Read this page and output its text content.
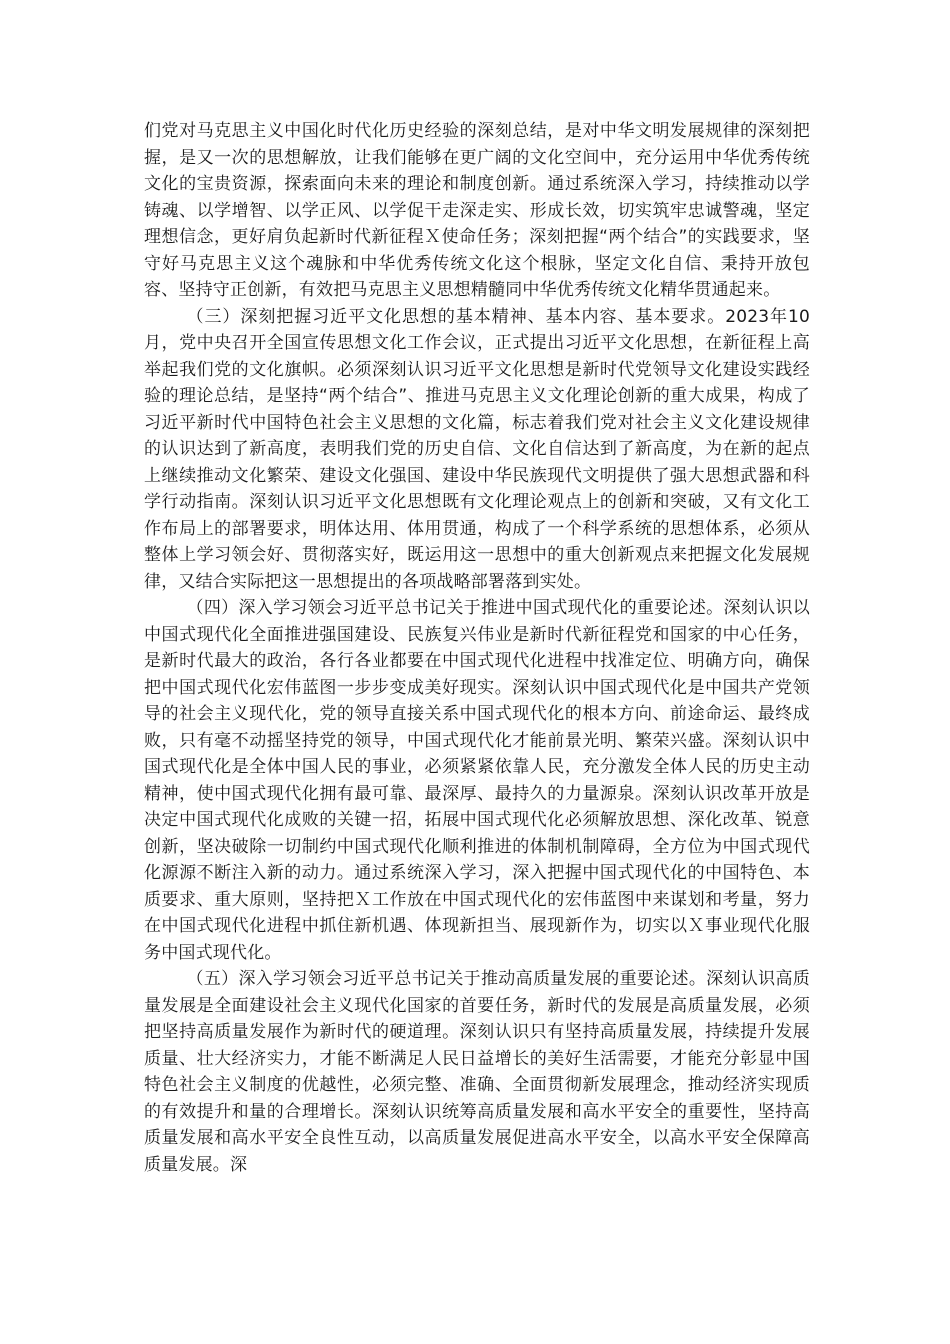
们党对马克思主义中国化时代化历史经验的深刻总结，是对中华文明发展规律的深刻把握，是又一次的思想解放，让我们能够在更广阔的文化空间中，充分运用中华优秀传统文化的宝贵资源，探索面向未来的理论和制度创新。通过系统深入学习，持续推动以学铸魂、以学增智、以学正风、以学促干走深走实、形成长效，切实筑牢忠诚警魂，坚定理想信念，更好肩负起新时代新征程Ｘ使命任务；深刻把握“两个结合”的实践要求，坚守好马克思主义这个魂脉和中华优秀传统文化这个根脉，坚定文化自信、秉持开放包容、坚持守正创新，有效把马克思主义思想精髓同中华优秀传统文化精华贯通起来。

（三）深刻把握习近平文化思想的基本精神、基本内容、基本要求。2023年10月，党中央召开全国宣传思想文化工作会议，正式提出习近平文化思想，在新征程上高举起我们党的文化旗帜。必须深刻认识习近平文化思想是新时代党领导文化建设实践经验的理论总结，是坚持“两个结合”、推进马克思主义文化理论创新的重大成果，构成了习近平新时代中国特色社会主义思想的文化篇，标志着我们党对社会主义文化建设规律的认识达到了新高度，表明我们党的历史自信、文化自信达到了新高度，为在新的起点上继续推动文化繁荣、建设文化强国、建设中华民族现代文明提供了强大思想武器和科学行动指南。深刻认识习近平文化思想既有文化理论观点上的创新和突破，又有文化工作布局上的部署要求，明体达用、体用贯通，构成了一个科学系统的思想体系，必须从整体上学习领会好、贯彻落实好，既运用这一思想中的重大创新观点来把握文化发展规律，又结合实际把这一思想提出的各项战略部署落到实处。

（四）深入学习领会习近平总书记关于推进中国式现代化的重要论述。深刻认识以中国式现代化全面推进强国建设、民族复兴伟业是新时代新征程党和国家的中心任务，是新时代最大的政治，各行各业都要在中国式现代化进程中找准定位、明确方向，确保把中国式现代化宏伟蓝图一步步变成美好现实。深刻认识中国式现代化是中国共产党领导的社会主义现代化，党的领导直接关系中国式现代化的根本方向、前途命运、最终成败，只有毫不动摇坚持党的领导，中国式现代化才能前景光明、繁荣兴盛。深刻认识中国式现代化是全体中国人民的事业，必须紧紧依靠人民，充分激发全体人民的历史主动精神，使中国式现代化拥有最可靠、最深厚、最持久的力量源泉。深刻认识改革开放是决定中国式现代化成败的关键一招，拓展中国式现代化必须解放思想、深化改革、锐意创新，坚决破除一切制约中国式现代化顺利推进的体制机制障碍，全方位为中国式现代化源源不断注入新的动力。通过系统深入学习，深入把握中国式现代化的中国特色、本质要求、重大原则，坚持把Ｘ工作放在中国式现代化的宏伟蓝图中来谋划和考量，努力在中国式现代化进程中抓住新机遇、体现新担当、展现新作为，切实以Ｘ事业现代化服务中国式现代化。

（五）深入学习领会习近平总书记关于推动高质量发展的重要论述。深刻认识高质量发展是全面建设社会主义现代化国家的首要任务，新时代的发展是高质量发展，必须把坚持高质量发展作为新时代的硬道理。深刻认识只有坚持高质量发展，持续提升发展质量、壮大经济实力，才能不断满足人民日益增长的美好生活需要，才能充分彰显中国特色社会主义制度的优越性，必须完整、准确、全面贯彻新发展理念，推动经济实现质的有效提升和量的合理增长。深刻认识统筹高质量发展和高水平安全的重要性，坚持高质量发展和高水平安全良性互动，以高质量发展促进高水平安全，以高水平安全保障高质量发展。深
